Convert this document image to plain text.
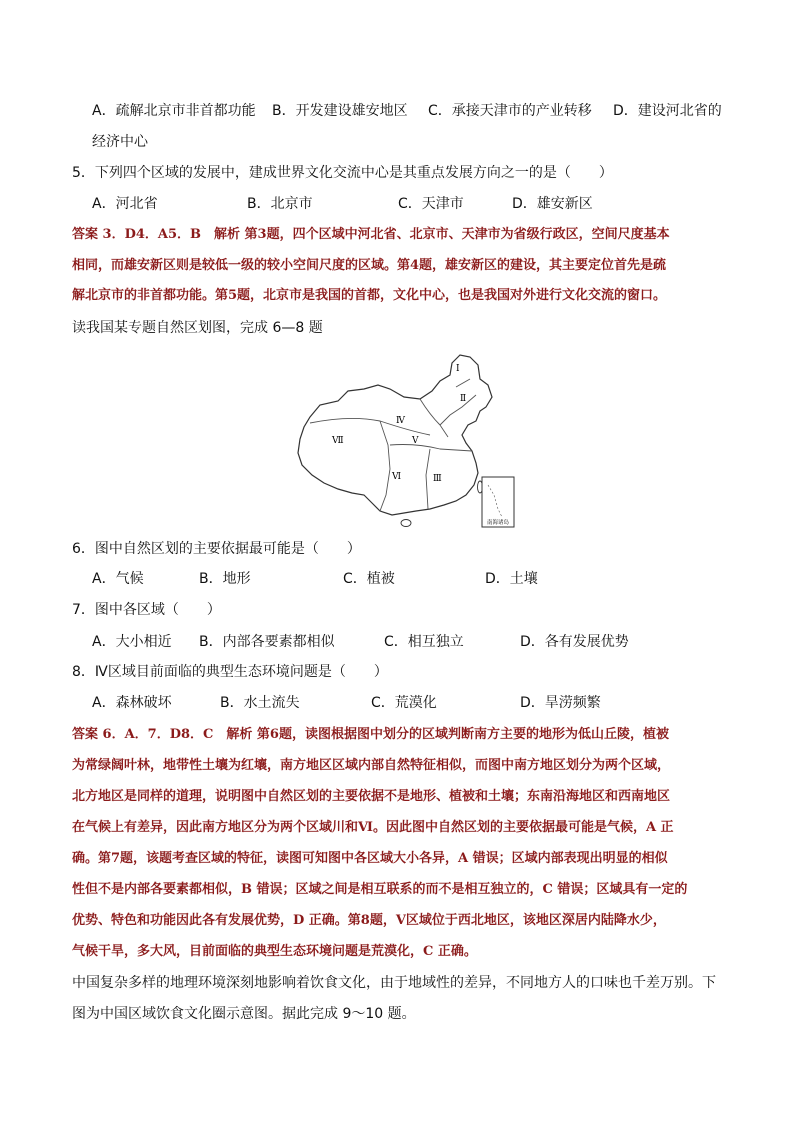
A．疏解北京市非首都功能 B．开发建设雄安地区 C．承接天津市的产业转移 D．建设河北省的
经济中心
5．下列四个区域的发展中，建成世界文化交流中心是其重点发展方向之一的是（　　）
A．河北省	B．北京市	C．天津市	D．雄安新区
答案 3．D4．A5．B　解析 第3题，四个区域中河北省、北京市、天津市为省级行政区，空间尺度基本
相同，而雄安新区则是较低一级的较小空间尺度的区域。第4题，雄安新区的建设，其主要定位首先是疏
解北京市的非首都功能。第5题，北京市是我国的首都，文化中心，也是我国对外进行文化交流的窗口。
读我国某专题自然区划图，完成 6—8 题
南海诸岛
Ⅰ
Ⅱ
Ⅲ
Ⅳ
Ⅴ
Ⅵ
Ⅶ
6．图中自然区划的主要依据最可能是（　　）
A．气候	B．地形	C．植被	D．土壤
7．图中各区域（　　）
A．大小相近 B．内部各要素都相似	C．相互独立	D．各有发展优势
8．Ⅳ区域目前面临的典型生态环境问题是（　　）
A．森林破坏	B．水土流失	C．荒漠化	D．旱涝频繁
答案 6．A．7．D8．C　解析 第6题，读图根据图中划分的区域判断南方主要的地形为低山丘陵，植被
为常绿阔叶林，地带性土壤为红壤，南方地区区域内部自然特征相似，而图中南方地区划分为两个区域，
北方地区是同样的道理，说明图中自然区划的主要依据不是地形、植被和土壤；东南沿海地区和西南地区
在气候上有差异，因此南方地区分为两个区域川和Ⅵ。因此图中自然区划的主要依据最可能是气候，A 正
确。第7题，该题考查区域的特征，读图可知图中各区域大小各异，A 错误；区域内部表现出明显的相似
性但不是内部各要素都相似，B 错误；区域之间是相互联系的而不是相互独立的，C 错误；区域具有一定的
优势、特色和功能因此各有发展优势，D 正确。第8题，Ⅴ区域位于西北地区，该地区深居内陆降水少，
气候干旱，多大风，目前面临的典型生态环境问题是荒漠化，C 正确。
中国复杂多样的地理环境深刻地影响着饮食文化，由于地域性的差异，不同地方人的口味也千差万别。下
图为中国区域饮食文化圈示意图。据此完成 9～10 题。
